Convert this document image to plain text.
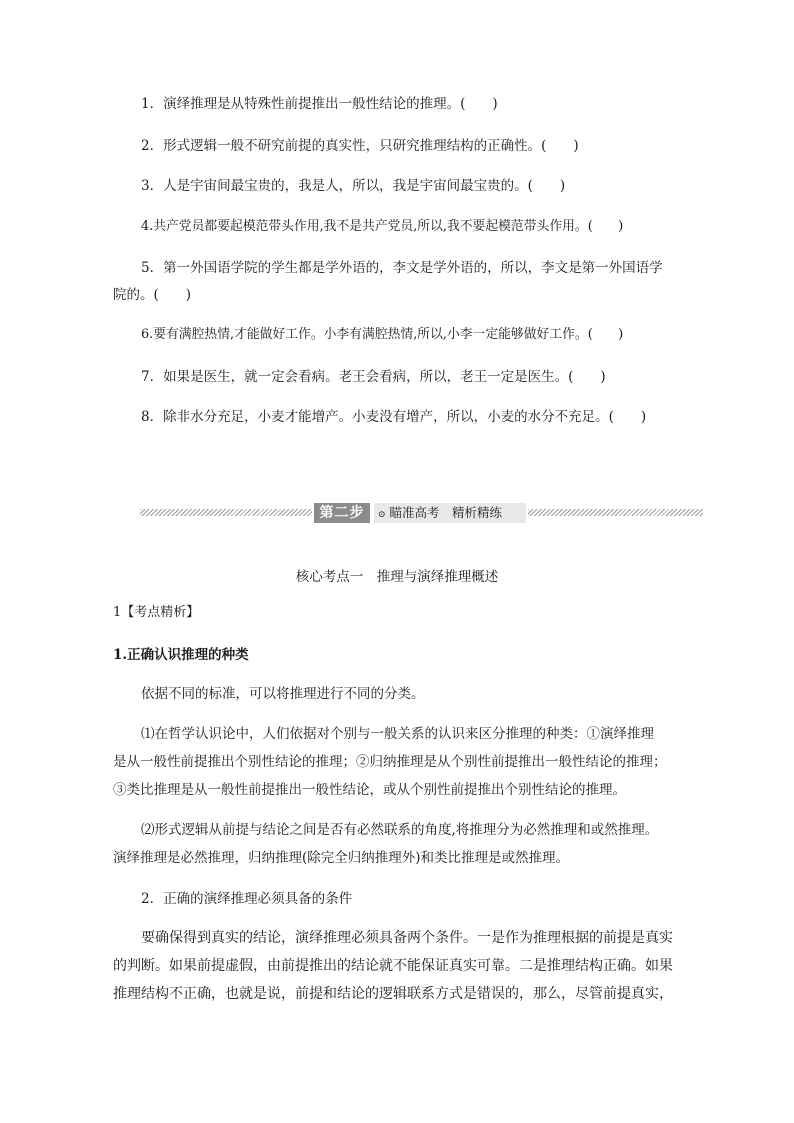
1．演绎推理是从特殊性前提推出一般性结论的推理。(　　)
2．形式逻辑一般不研究前提的真实性，只研究推理结构的正确性。(　　)
3．人是宇宙间最宝贵的，我是人，所以，我是宇宙间最宝贵的。(　　)
4.共产党员都要起模范带头作用,我不是共产党员,所以,我不要起模范带头作用。(　　)
5．第一外国语学院的学生都是学外语的，李文是学外语的，所以，李文是第一外国语学
院的。(　　)
6.要有满腔热情,才能做好工作。小李有满腔热情,所以,小李一定能够做好工作。(　　)
7．如果是医生，就一定会看病。老王会看病，所以，老王一定是医生。(　　)
8．除非水分充足，小麦才能增产。小麦没有增产，所以，小麦的水分不充足。(　　)
第二步	⊙ 瞄准高考　精析精练
核心考点一　推理与演绎推理概述
1【考点精析】
1.正确认识推理的种类
依据不同的标准，可以将推理进行不同的分类。
⑴在哲学认识论中，人们依据对个别与一般关系的认识来区分推理的种类：①演绎推理
是从一般性前提推出个别性结论的推理；②归纳推理是从个别性前提推出一般性结论的推理；
③类比推理是从一般性前提推出一般性结论，或从个别性前提推出个别性结论的推理。
⑵形式逻辑从前提与结论之间是否有必然联系的角度,将推理分为必然推理和或然推理。
演绎推理是必然推理，归纳推理(除完全归纳推理外)和类比推理是或然推理。
2．正确的演绎推理必须具备的条件
要确保得到真实的结论，演绎推理必须具备两个条件。一是作为推理根据的前提是真实
的判断。如果前提虚假，由前提推出的结论就不能保证真实可靠。二是推理结构正确。如果
推理结构不正确，也就是说，前提和结论的逻辑联系方式是错误的，那么，尽管前提真实，
